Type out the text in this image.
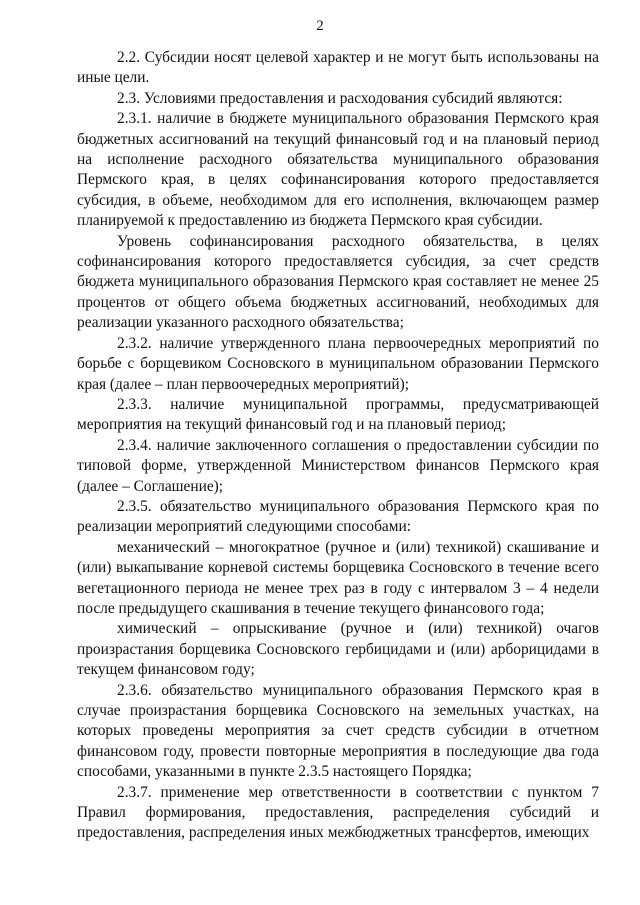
2

2.2. Субсидии носят целевой характер и не могут быть использованы на иные цели.

2.3. Условиями предоставления и расходования субсидий являются:

2.3.1. наличие в бюджете муниципального образования Пермского края бюджетных ассигнований на текущий финансовый год и на плановый период на исполнение расходного обязательства муниципального образования Пермского края, в целях софинансирования которого предоставляется субсидия, в объеме, необходимом для его исполнения, включающем размер планируемой к предоставлению из бюджета Пермского края субсидии.

Уровень софинансирования расходного обязательства, в целях софинансирования которого предоставляется субсидия, за счет средств бюджета муниципального образования Пермского края составляет не менее 25 процентов от общего объема бюджетных ассигнований, необходимых для реализации указанного расходного обязательства;

2.3.2. наличие утвержденного плана первоочередных мероприятий по борьбе с борщевиком Сосновского в муниципальном образовании Пермского края (далее – план первоочередных мероприятий);

2.3.3. наличие муниципальной программы, предусматривающей мероприятия на текущий финансовый год и на плановый период;

2.3.4. наличие заключенного соглашения о предоставлении субсидии по типовой форме, утвержденной Министерством финансов Пермского края (далее – Соглашение);

2.3.5. обязательство муниципального образования Пермского края по реализации мероприятий следующими способами:

механический – многократное (ручное и (или) техникой) скашивание и (или) выкапывание корневой системы борщевика Сосновского в течение всего вегетационного периода не менее трех раз в году с интервалом 3 – 4 недели после предыдущего скашивания в течение текущего финансового года;

химический – опрыскивание (ручное и (или) техникой) очагов произрастания борщевика Сосновского гербицидами и (или) арборицидами в текущем финансовом году;

2.3.6. обязательство муниципального образования Пермского края в случае произрастания борщевика Сосновского на земельных участках, на которых проведены мероприятия за счет средств субсидии в отчетном финансовом году, провести повторные мероприятия в последующие два года способами, указанными в пункте 2.3.5 настоящего Порядка;

2.3.7. применение мер ответственности в соответствии с пунктом 7 Правил формирования, предоставления, распределения субсидий и предоставления, распределения иных межбюджетных трансфертов, имеющих
